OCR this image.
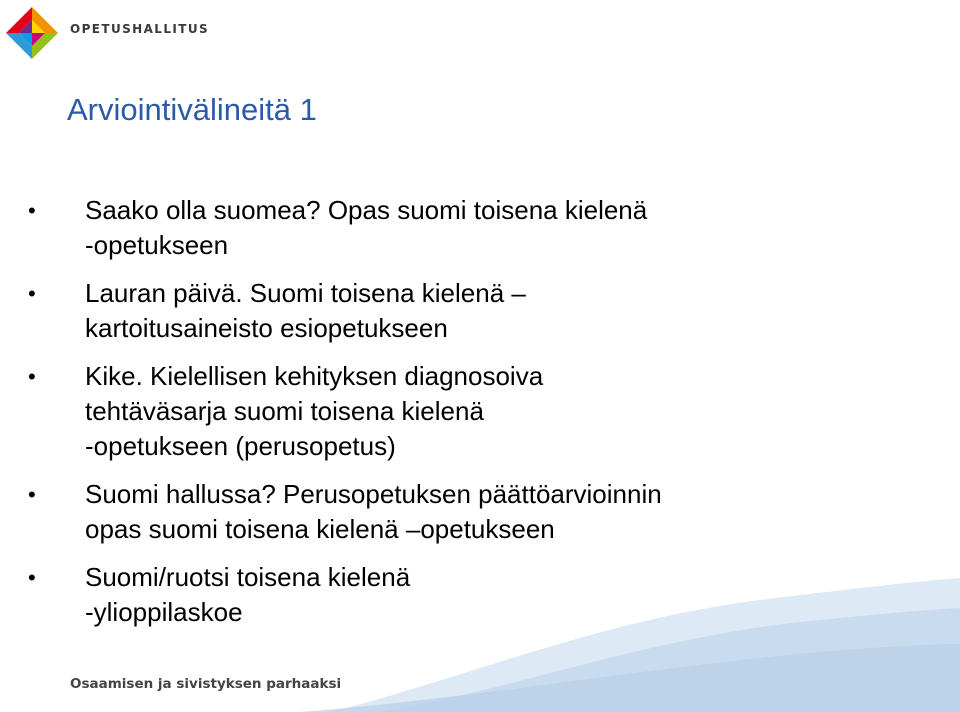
OPETUSHALLITUS
Arviointivälineitä 1
• Saako olla suomea? Opas suomi toisena kielenä
-opetukseen
• Lauran päivä. Suomi toisena kielenä –
kartoitusaineisto esiopetukseen
• Kike. Kielellisen kehityksen diagnosoiva
tehtäväsarja suomi toisena kielenä
-opetukseen (perusopetus)
• Suomi hallussa? Perusopetuksen päättöarvioinnin
opas suomi toisena kielenä –opetukseen
• Suomi/ruotsi toisena kielenä
-ylioppilaskoe
Osaamisen ja sivistyksen parhaaksi
